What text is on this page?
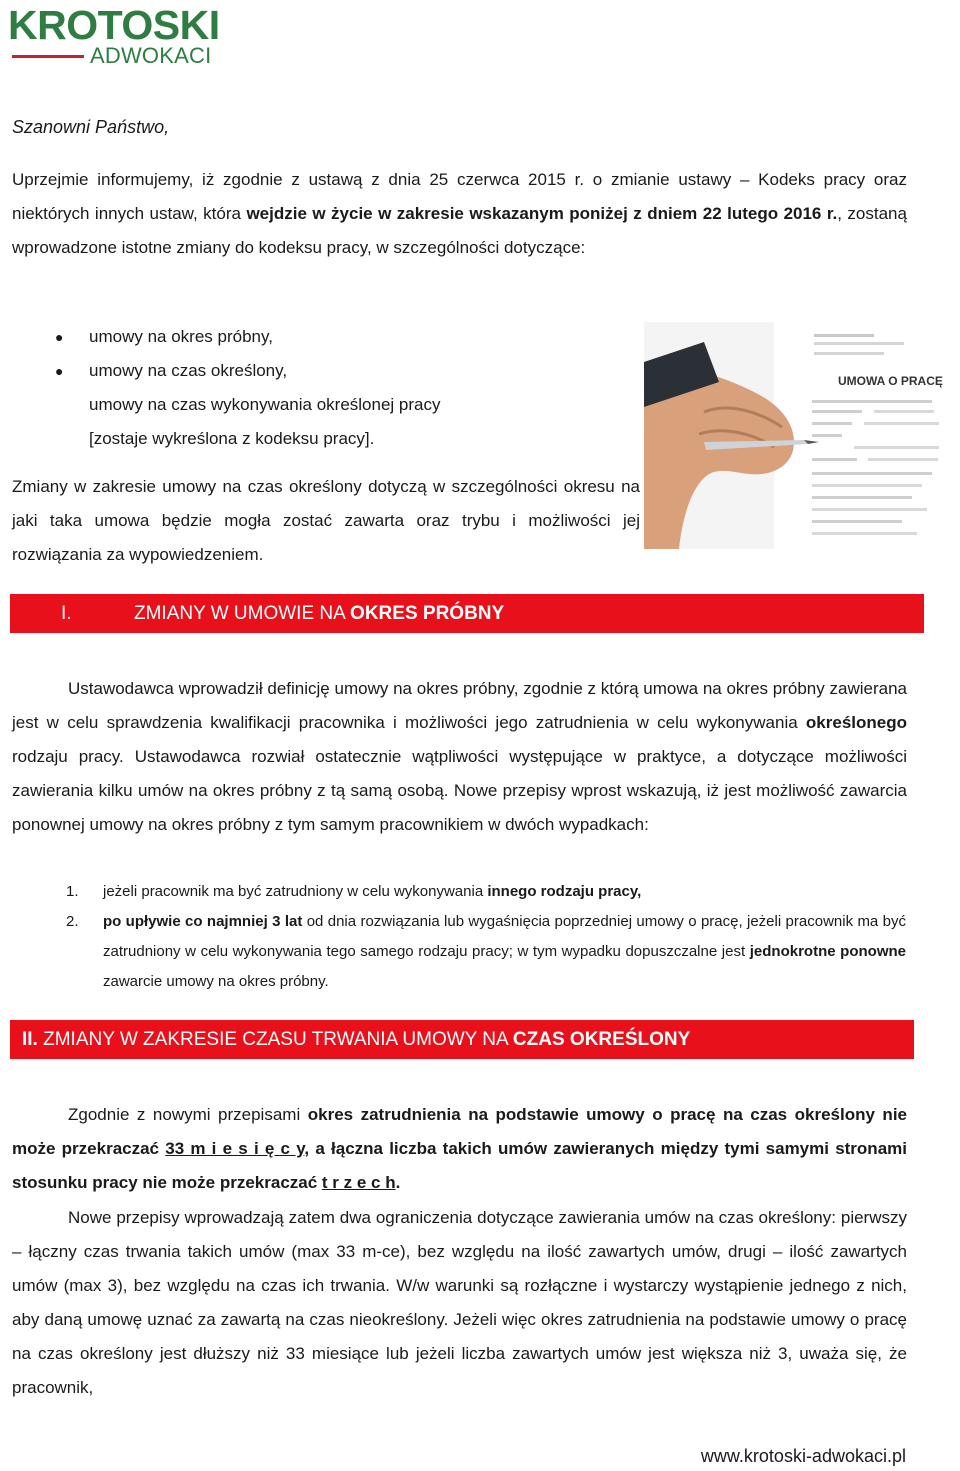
KROTOSKI
ADWOKACI
Szanowni Państwo,
Uprzejmie informujemy, iż zgodnie z ustawą z dnia 25 czerwca 2015 r. o zmianie ustawy – Kodeks pracy oraz niektórych innych ustaw, która wejdzie w życie w zakresie wskazanym poniżej z dniem 22 lutego 2016 r., zostaną wprowadzone istotne zmiany do kodeksu pracy, w szczególności dotyczące:
● umowy na okres próbny,
● umowy na czas określony,
umowy na czas wykonywania określonej pracy
[zostaje wykreślona z kodeksu pracy].
UMOWA O PRACĘ
Zmiany w zakresie umowy na czas określony dotyczą w szczególności okresu na jaki taka umowa będzie mogła zostać zawarta oraz trybu i możliwości jej rozwiązania za wypowiedzeniem.
I.	ZMIANY W UMOWIE NA OKRES PRÓBNY
Ustawodawca wprowadził definicję umowy na okres próbny, zgodnie z którą umowa na okres próbny zawierana jest w celu sprawdzenia kwalifikacji pracownika i możliwości jego zatrudnienia w celu wykonywania określonego rodzaju pracy. Ustawodawca rozwiał ostatecznie wątpliwości występujące w praktyce, a dotyczące możliwości zawierania kilku umów na okres próbny z tą samą osobą. Nowe przepisy wprost wskazują, iż jest możliwość zawarcia ponownej umowy na okres próbny z tym samym pracownikiem w dwóch wypadkach:
1. jeżeli pracownik ma być zatrudniony w celu wykonywania innego rodzaju pracy,
2. po upływie co najmniej 3 lat od dnia rozwiązania lub wygaśnięcia poprzedniej umowy o pracę, jeżeli pracownik ma być zatrudniony w celu wykonywania tego samego rodzaju pracy; w tym wypadku dopuszczalne jest jednokrotne ponowne zawarcie umowy na okres próbny.
II. ZMIANY W ZAKRESIE CZASU TRWANIA UMOWY NA CZAS OKREŚLONY
Zgodnie z nowymi przepisami okres zatrudnienia na podstawie umowy o pracę na czas określony nie może przekraczać 33 m i e s i ę c y, a łączna liczba takich umów zawieranych między tymi samymi stronami stosunku pracy nie może przekraczać t r z e c h.
Nowe przepisy wprowadzają zatem dwa ograniczenia dotyczące zawierania umów na czas określony: pierwszy – łączny czas trwania takich umów (max 33 m-ce), bez względu na ilość zawartych umów, drugi – ilość zawartych umów (max 3), bez względu na czas ich trwania. W/w warunki są rozłączne i wystarczy wystąpienie jednego z nich, aby daną umowę uznać za zawartą na czas nieokreślony. Jeżeli więc okres zatrudnienia na podstawie umowy o pracę na czas określony jest dłuższy niż 33 miesiące lub jeżeli liczba zawartych umów jest większa niż 3, uważa się, że pracownik,
www.krotoski-adwokaci.pl
